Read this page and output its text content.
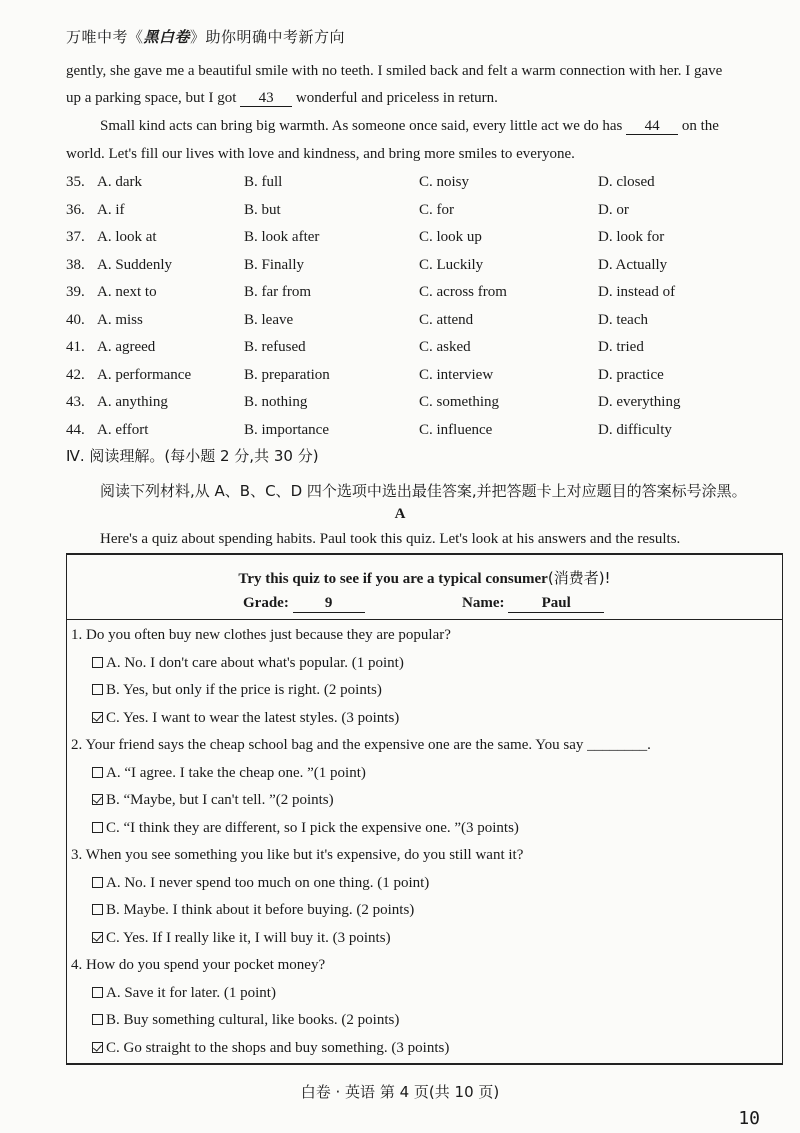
万唯中考《黑白卷》助你明确中考新方向
gently, she gave me a beautiful smile with no teeth. I smiled back and felt a warm connection with her. I gave
up a parking space, but I got 43 wonderful and priceless in return.
Small kind acts can bring big warmth. As someone once said, every little act we do has 44 on the
world. Let's fill our lives with love and kindness, and bring more smiles to everyone.
35. A. dark	B. full	C. noisy	D. closed
36. A. if	B. but	C. for	D. or
37. A. look at	B. look after	C. look up	D. look for
38. A. Suddenly	B. Finally	C. Luckily	D. Actually
39. A. next to	B. far from	C. across from	D. instead of
40. A. miss	B. leave	C. attend	D. teach
41. A. agreed	B. refused	C. asked	D. tried
42. A. performance	B. preparation	C. interview	D. practice
43. A. anything	B. nothing	C. something	D. everything
44. A. effort	B. importance	C. influence	D. difficulty
Ⅳ. 阅读理解。(每小题 2 分,共 30 分)
阅读下列材料,从 A、B、C、D 四个选项中选出最佳答案,并把答题卡上对应题目的答案标号涂黑。
A
Here's a quiz about spending habits. Paul took this quiz. Let's look at his answers and the results.
Try this quiz to see if you are a typical consumer(消费者)!
Grade: 9	Name: Paul
1. Do you often buy new clothes just because they are popular?
A. No. I don't care about what's popular. (1 point)
B. Yes, but only if the price is right. (2 points)
C. Yes. I want to wear the latest styles. (3 points)
2. Your friend says the cheap school bag and the expensive one are the same. You say ________.
A. “I agree. I take the cheap one. ”(1 point)
B. “Maybe, but I can't tell. ”(2 points)
C. “I think they are different, so I pick the expensive one. ”(3 points)
3. When you see something you like but it's expensive, do you still want it?
A. No. I never spend too much on one thing. (1 point)
B. Maybe. I think about it before buying. (2 points)
C. Yes. If I really like it, I will buy it. (3 points)
4. How do you spend your pocket money?
A. Save it for later. (1 point)
B. Buy something cultural, like books. (2 points)
C. Go straight to the shops and buy something. (3 points)
白卷 · 英语 第 4 页(共 10 页)
10
